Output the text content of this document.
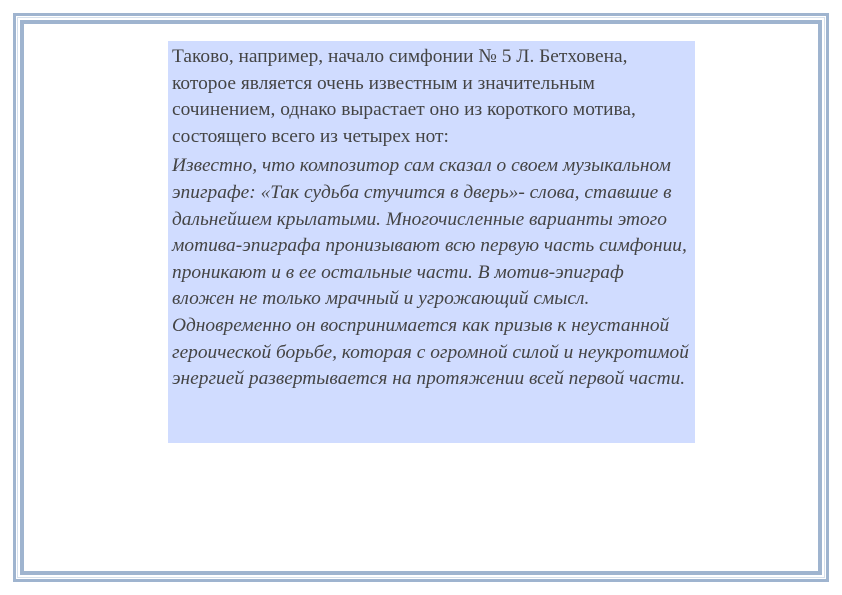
Таково, например, начало симфонии № 5 Л. Бетховена, которое является очень известным и значительным сочинением, однако вырастает оно из короткого мотива, состоящего всего из четырех нот:

Известно, что композитор сам сказал о своем музыкальном эпиграфе: «Так судьба стучится в дверь»- слова, ставшие в дальнейшем крылатыми. Многочисленные варианты этого мотива-эпиграфа пронизывают всю первую часть симфонии, проникают и в ее остальные части. В мотив-эпиграф вложен не только мрачный и угрожающий смысл. Одновременно он воспринимается как призыв к неустанной героической борьбе, которая с огромной силой и неукротимой энергией развертывается на протяжении всей первой части.
